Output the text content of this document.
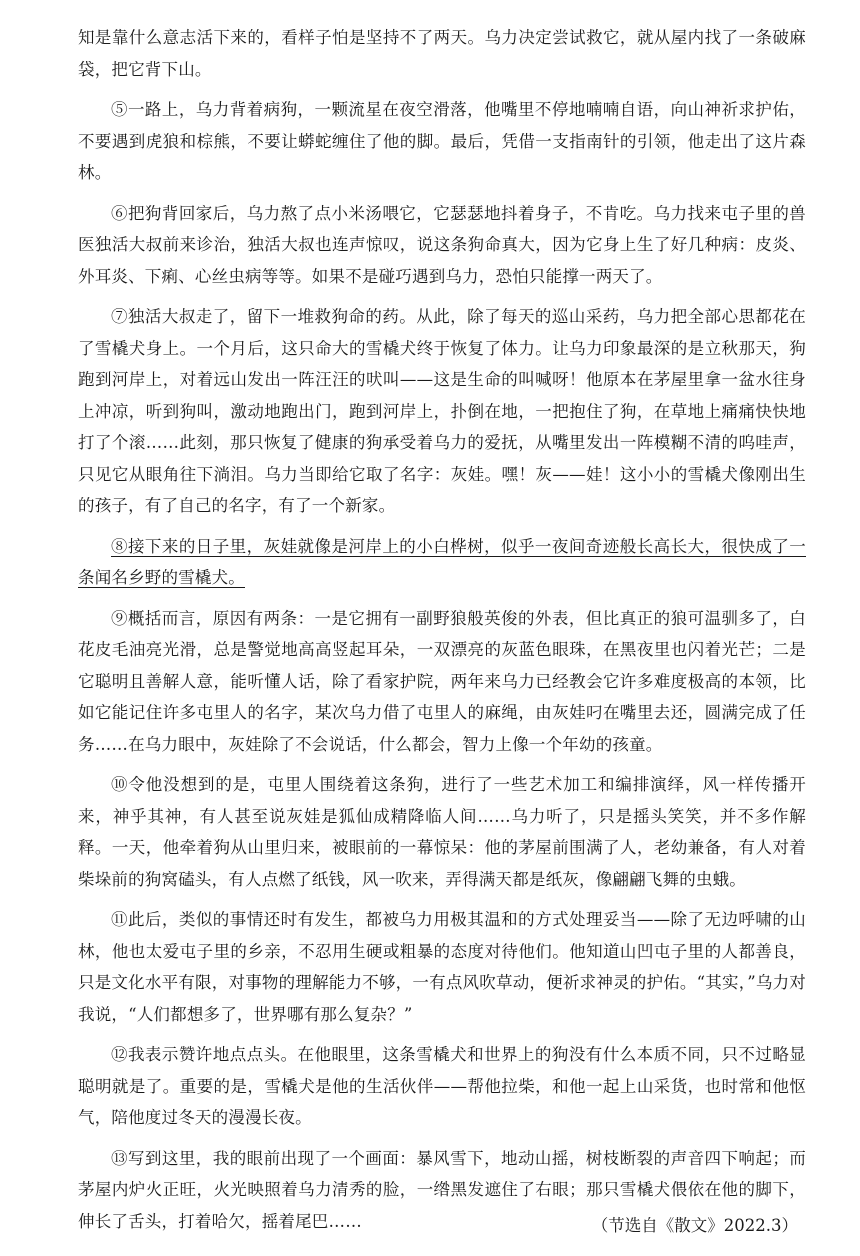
知是靠什么意志活下来的，看样子怕是坚持不了两天。乌力决定尝试救它，就从屋内找了一条破麻袋，把它背下山。

⑤一路上，乌力背着病狗，一颗流星在夜空滑落，他嘴里不停地喃喃自语，向山神祈求护佑，不要遇到虎狼和棕熊，不要让蟒蛇缠住了他的脚。最后，凭借一支指南针的引领，他走出了这片森林。

⑥把狗背回家后，乌力熬了点小米汤喂它，它瑟瑟地抖着身子，不肯吃。乌力找来屯子里的兽医独活大叔前来诊治，独活大叔也连声惊叹，说这条狗命真大，因为它身上生了好几种病：皮炎、外耳炎、下痢、心丝虫病等等。如果不是碰巧遇到乌力，恐怕只能撑一两天了。

⑦独活大叔走了，留下一堆救狗命的药。从此，除了每天的巡山采药，乌力把全部心思都花在了雪橇犬身上。一个月后，这只命大的雪橇犬终于恢复了体力。让乌力印象最深的是立秋那天，狗跑到河岸上，对着远山发出一阵汪汪的吠叫——这是生命的叫喊呀！他原本在茅屋里拿一盆水往身上冲凉，听到狗叫，激动地跑出门，跑到河岸上，扑倒在地，一把抱住了狗，在草地上痛痛快快地打了个滚……此刻，那只恢复了健康的狗承受着乌力的爱抚，从嘴里发出一阵模糊不清的呜哇声，只见它从眼角往下淌泪。乌力当即给它取了名字：灰娃。嘿！灰——娃！这小小的雪橇犬像刚出生的孩子，有了自己的名字，有了一个新家。

⑧接下来的日子里，灰娃就像是河岸上的小白桦树，似乎一夜间奇迹般长高长大，很快成了一条闻名乡野的雪橇犬。

⑨概括而言，原因有两条：一是它拥有一副野狼般英俊的外表，但比真正的狼可温驯多了，白花皮毛油亮光滑，总是警觉地高高竖起耳朵，一双漂亮的灰蓝色眼珠，在黑夜里也闪着光芒；二是它聪明且善解人意，能听懂人话，除了看家护院，两年来乌力已经教会它许多难度极高的本领，比如它能记住许多屯里人的名字，某次乌力借了屯里人的麻绳，由灰娃叼在嘴里去还，圆满完成了任务……在乌力眼中，灰娃除了不会说话，什么都会，智力上像一个年幼的孩童。

⑩令他没想到的是，屯里人围绕着这条狗，进行了一些艺术加工和编排演绎，风一样传播开来，神乎其神，有人甚至说灰娃是狐仙成精降临人间……乌力听了，只是摇头笑笑，并不多作解释。一天，他牵着狗从山里归来，被眼前的一幕惊呆：他的茅屋前围满了人，老幼兼备，有人对着柴垛前的狗窝磕头，有人点燃了纸钱，风一吹来，弄得满天都是纸灰，像翩翩飞舞的虫蛾。

⑪此后，类似的事情还时有发生，都被乌力用极其温和的方式处理妥当——除了无边呼啸的山林，他也太爱屯子里的乡亲，不忍用生硬或粗暴的态度对待他们。他知道山凹屯子里的人都善良，只是文化水平有限，对事物的理解能力不够，一有点风吹草动，便祈求神灵的护佑。“其实，”乌力对我说，“人们都想多了，世界哪有那么复杂？”

⑫我表示赞许地点点头。在他眼里，这条雪橇犬和世界上的狗没有什么本质不同，只不过略显聪明就是了。重要的是，雪橇犬是他的生活伙伴——帮他拉柴，和他一起上山采货，也时常和他怄气，陪他度过冬天的漫漫长夜。

⑬写到这里，我的眼前出现了一个画面：暴风雪下，地动山摇，树枝断裂的声音四下响起；而茅屋内炉火正旺，火光映照着乌力清秀的脸，一绺黑发遮住了右眼；那只雪橇犬偎依在他的脚下，伸长了舌头，打着哈欠，摇着尾巴……	（节选自《散文》2022.3）
